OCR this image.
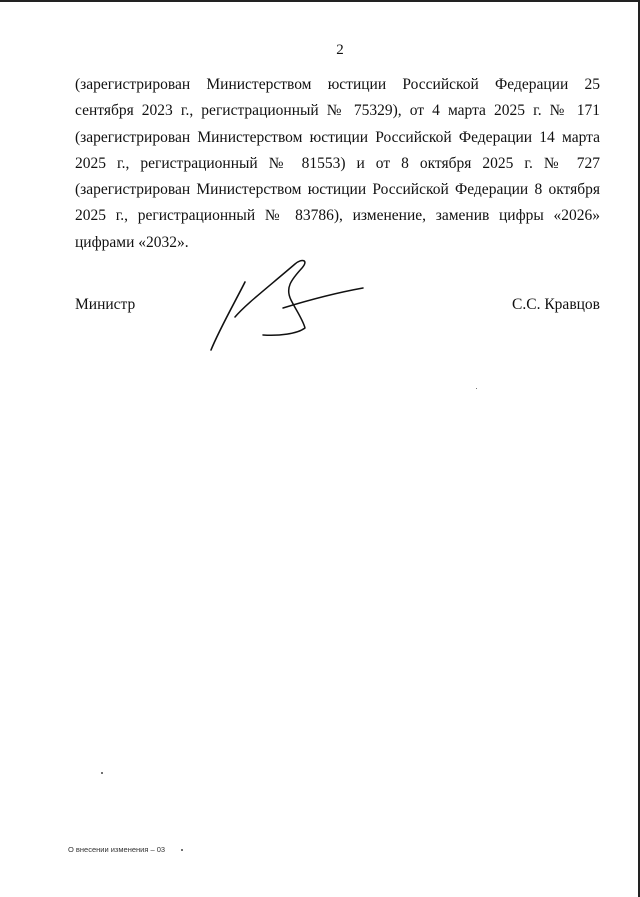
2

(зарегистрирован Министерством юстиции Российской Федерации 25 сентября 2023 г., регистрационный № 75329), от 4 марта 2025 г. № 171 (зарегистрирован Министерством юстиции Российской Федерации 14 марта 2025 г., регистрационный № 81553) и от 8 октября 2025 г. № 727 (зарегистрирован Министерством юстиции Российской Федерации 8 октября 2025 г., регистрационный № 83786), изменение, заменив цифры «2026» цифрами «2032».

Министр	С.С. Кравцов
О внесении изменения – 03
